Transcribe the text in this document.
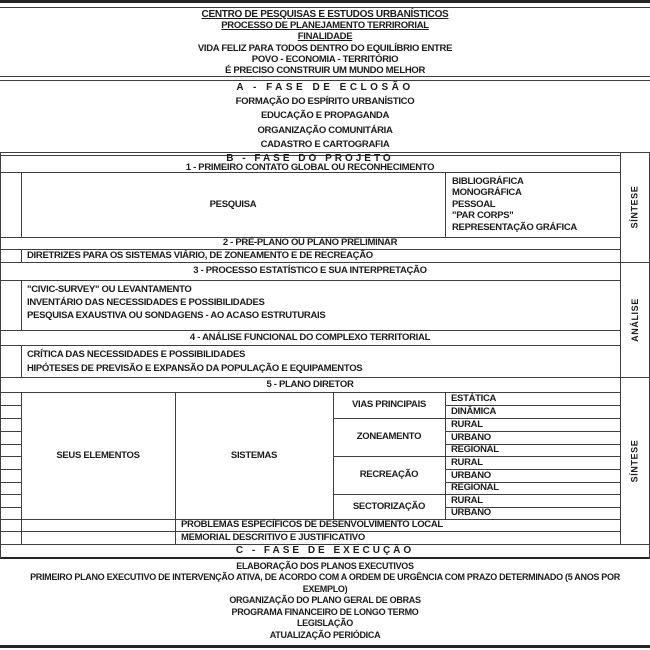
CENTRO DE PESQUISAS E ESTUDOS URBANÍSTICOS
PROCESSO DE PLANEJAMENTO TERRIRORIAL
FINALIDADE
VIDA FELIZ PARA TODOS DENTRO DO EQUILÍBRIO ENTRE
POVO - ECONOMIA - TERRITÓRIO
É PRECISO CONSTRUIR UM MUNDO MELHOR
A - FASE DE ECLOSÃO
FORMAÇÃO DO ESPÍRITO URBANÍSTICO
EDUCAÇÃO E PROPAGANDA
ORGANIZAÇÃO COMUNITÁRIA
CADASTRO E CARTOGRAFIA
B - FASE DO PROJETO
1 - PRIMEIRO CONTATO GLOBAL OU RECONHECIMENTO
PESQUISA
BIBLIOGRÁFICA
MONOGRÁFICA
PESSOAL
"PAR CORPS"
REPRESENTAÇÃO GRÁFICA
2 - PRÉ-PLANO OU PLANO PRELIMINAR
DIRETRIZES PARA OS SISTEMAS VIÁRIO, DE ZONEAMENTO E DE RECREAÇÃO
3 - PROCESSO ESTATÍSTICO E SUA INTERPRETAÇÃO
"CIVIC-SURVEY" OU LEVANTAMENTO
INVENTÁRIO DAS NECESSIDADES E POSSIBILIDADES
PESQUISA EXAUSTIVA OU SONDAGENS - AO ACASO ESTRUTURAIS
4 - ANÁLISE FUNCIONAL DO COMPLEXO TERRITORIAL
CRÍTICA DAS NECESSIDADES E POSSIBILIDADES
HIPÓTESES DE PREVISÃO E EXPANSÃO DA POPULAÇÃO E EQUIPAMENTOS
5 - PLANO DIRETOR
SEUS ELEMENTOS	SISTEMAS
VIAS PRINCIPAIS
ZONEAMENTO
RECREAÇÃO
SECTORIZAÇÃO
ESTÁTICA
DINÂMICA
RURAL
URBANO
REGIONAL
RURAL
URBANO
REGIONAL
RURAL
URBANO
PROBLEMAS ESPECÍFICOS DE DESENVOLVIMENTO LOCAL
MEMORIAL DESCRITIVO E JUSTIFICATIVO
SÍNTESE
ANÁLISE
SÍNTESE
C - FASE DE EXECUÇÃO
ELABORAÇÃO DOS PLANOS EXECUTIVOS
PRIMEIRO PLANO EXECUTIVO DE INTERVENÇÃO ATIVA, DE ACORDO COM A ORDEM DE URGÊNCIA COM PRAZO DETERMINADO (5 ANOS POR EXEMPLO)
ORGANIZAÇÃO DO PLANO GERAL DE OBRAS
PROGRAMA FINANCEIRO DE LONGO TERMO
LEGISLAÇÃO
ATUALIZAÇÃO PERIÓDICA
